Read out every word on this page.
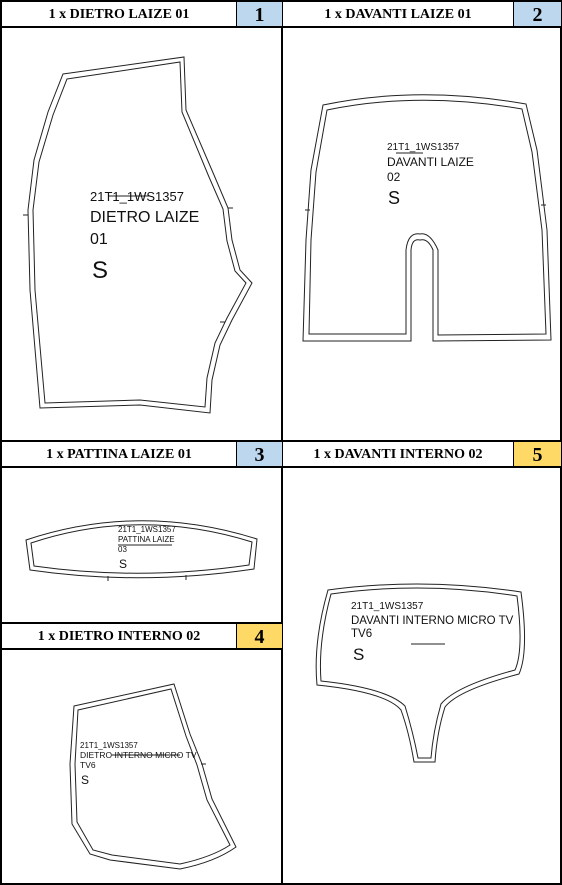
1 x DIETRO LAIZE 01	1
21T1_1WS1357
DIETRO LAIZE
01
S
1 x DAVANTI LAIZE 01	2
21T1_1WS1357
DAVANTI LAIZE
02
S
1 x PATTINA LAIZE 01	3
21T1_1WS1357
PATTINA LAIZE
03
S
1 x DIETRO INTERNO 02	4
21T1_1WS1357
DIETRO INTERNO MICRO TV
TV6
S
1 x DAVANTI INTERNO 02	5
21T1_1WS1357
DAVANTI INTERNO MICRO TV
TV6
S
